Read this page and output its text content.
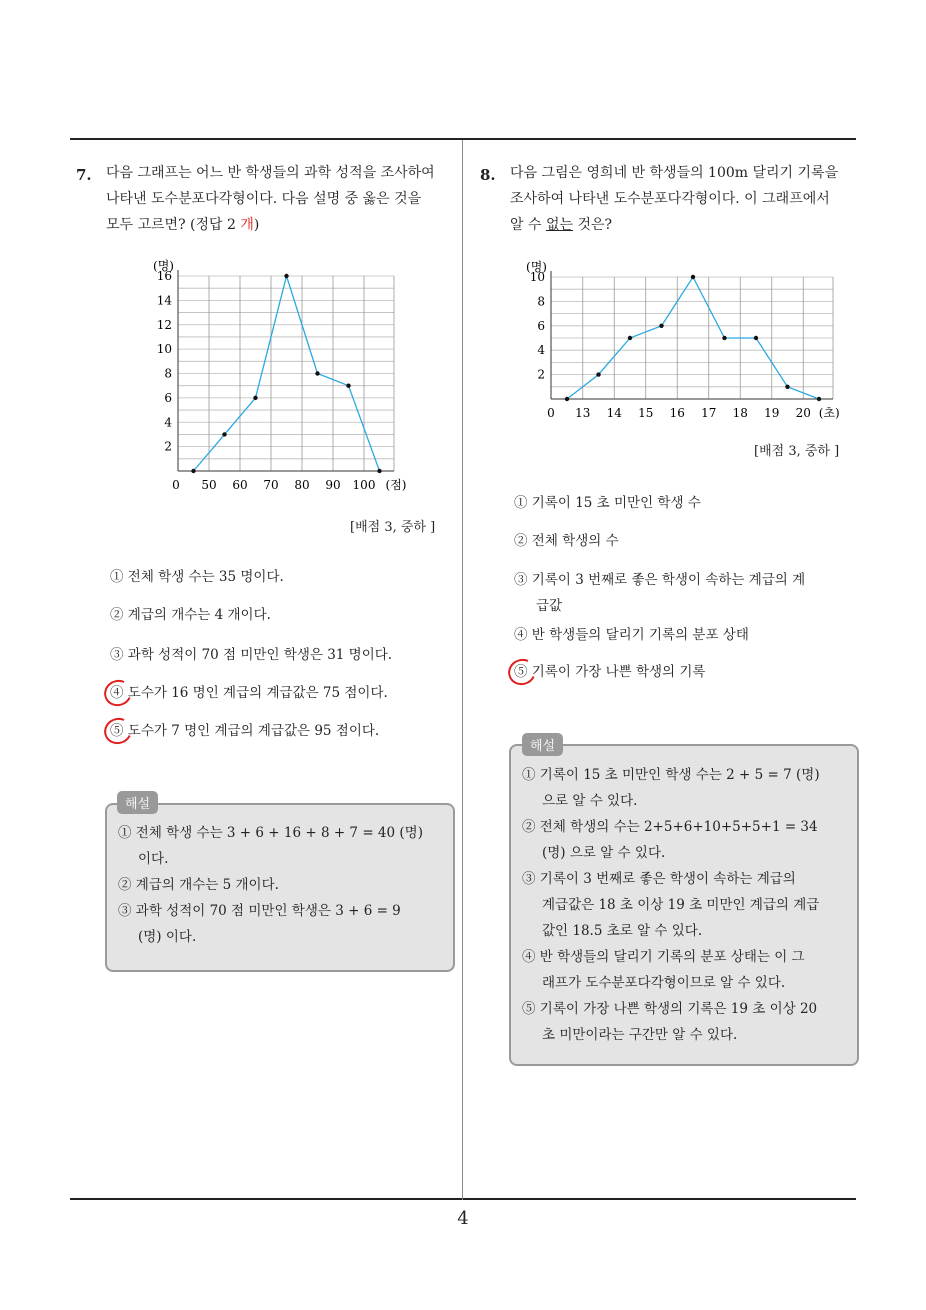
7. 다음 그래프는 어느 반 학생들의 과학 성적을 조사하여
나타낸 도수분포다각형이다. 다음 설명 중 옳은 것을
모두 고르면? (정답 2 개)
2
4
6
8
10
12
14
16
(명)
0 50 60 70 80 90 100 (점)
[배점 3, 중하 ]
① 전체 학생 수는 35 명이다.
② 계급의 개수는 4 개이다.
③ 과학 성적이 70 점 미만인 학생은 31 명이다.
④ 도수가 16 명인 계급의 계급값은 75 점이다.
⑤ 도수가 7 명인 계급의 계급값은 95 점이다.
해설
① 전체 학생 수는 3 + 6 + 16 + 8 + 7 = 40 (명)
이다.
② 계급의 개수는 5 개이다.
③ 과학 성적이 70 점 미만인 학생은 3 + 6 = 9
(명) 이다.
8. 다음 그림은 영희네 반 학생들의 100m 달리기 기록을
조사하여 나타낸 도수분포다각형이다. 이 그래프에서
알 수 없는 것은?
2
4
6
8
10
(명)
0 13 14 15 16 17 18 19 20 (초)
[배점 3, 중하 ]
① 기록이 15 초 미만인 학생 수
② 전체 학생의 수
③ 기록이 3 번째로 좋은 학생이 속하는 계급의 계
급값
④ 반 학생들의 달리기 기록의 분포 상태
⑤ 기록이 가장 나쁜 학생의 기록
해설
① 기록이 15 초 미만인 학생 수는 2 + 5 = 7 (명)
으로 알 수 있다.
② 전체 학생의 수는 2+5+6+10+5+5+1 = 34
(명) 으로 알 수 있다.
③ 기록이 3 번째로 좋은 학생이 속하는 계급의
계급값은 18 초 이상 19 초 미만인 계급의 계급
값인 18.5 초로 알 수 있다.
④ 반 학생들의 달리기 기록의 분포 상태는 이 그
래프가 도수분포다각형이므로 알 수 있다.
⑤ 기록이 가장 나쁜 학생의 기록은 19 초 이상 20
초 미만이라는 구간만 알 수 있다.
4
